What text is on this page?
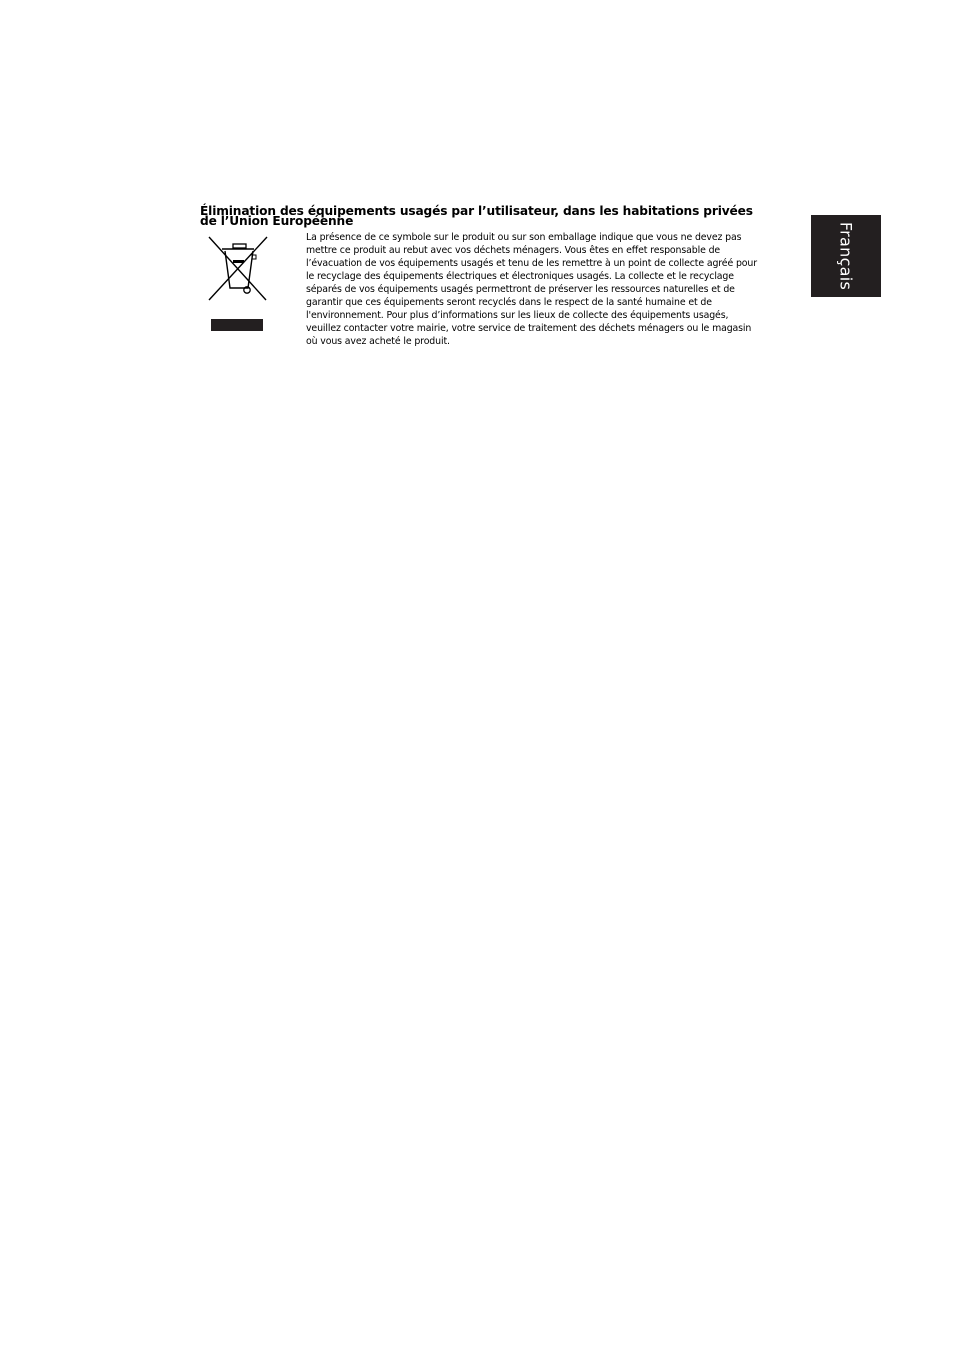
Élimination des équipements usagés par l’utilisateur, dans les habitations privées de l’Union Européenne

La présence de ce symbole sur le produit ou sur son emballage indique que vous ne devez pas mettre ce produit au rebut avec vos déchets ménagers. Vous êtes en effet responsable de l’évacuation de vos équipements usagés et tenu de les remettre à un point de collecte agréé pour le recyclage des équipements électriques et électroniques usagés. La collecte et le recyclage séparés de vos équipements usagés permettront de préserver les ressources naturelles et de garantir que ces équipements seront recyclés dans le respect de la santé humaine et de l'environnement. Pour plus d’informations sur les lieux de collecte des équipements usagés, veuillez contacter votre mairie, votre service de traitement des déchets ménagers ou le magasin où vous avez acheté le produit.

Français
